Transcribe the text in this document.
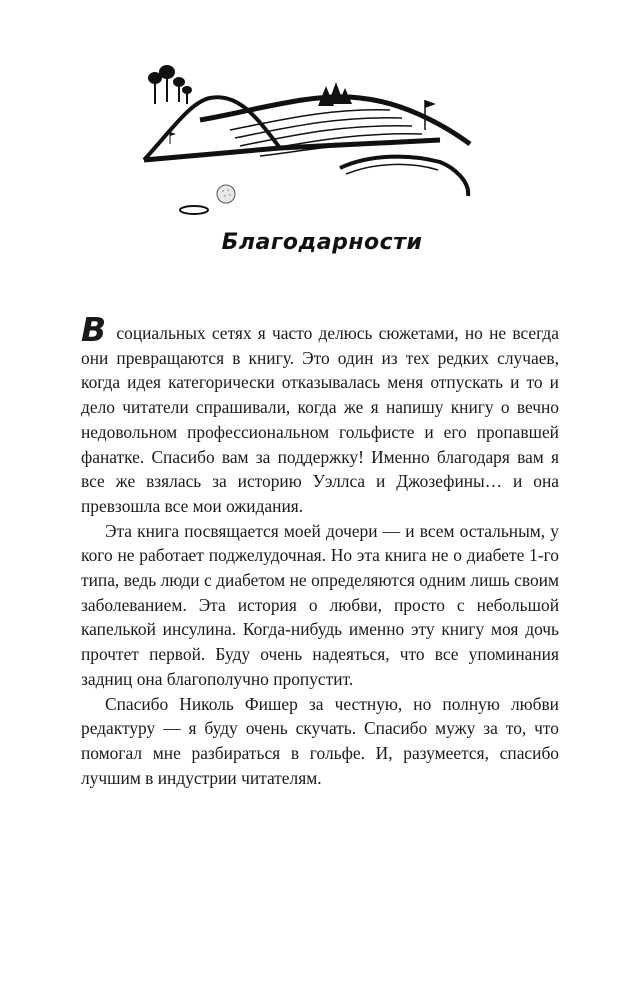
Благодарности

В социальных сетях я часто делюсь сюжетами, но не всегда они превращаются в книгу. Это один из тех редких случаев, когда идея категорически отказывалась меня отпускать и то и дело читатели спрашивали, когда же я напишу книгу о вечно недовольном профессиональном гольфисте и его пропавшей фанатке. Спасибо вам за поддержку! Именно благодаря вам я все же взялась за историю Уэллса и Джозефины… и она превзошла все мои ожидания.

Эта книга посвящается моей дочери — и всем остальным, у кого не работает поджелудочная. Но эта книга не о диабете 1-го типа, ведь люди с диабетом не определяются одним лишь своим заболеванием. Эта история о любви, просто с небольшой капелькой инсулина. Когда-нибудь именно эту книгу моя дочь прочтет первой. Буду очень надеяться, что все упоминания задниц она благополучно пропустит.

Спасибо Николь Фишер за честную, но полную любви редактуру — я буду очень скучать. Спасибо мужу за то, что помогал мне разбираться в гольфе. И, разумеется, спасибо лучшим в индустрии читателям.
